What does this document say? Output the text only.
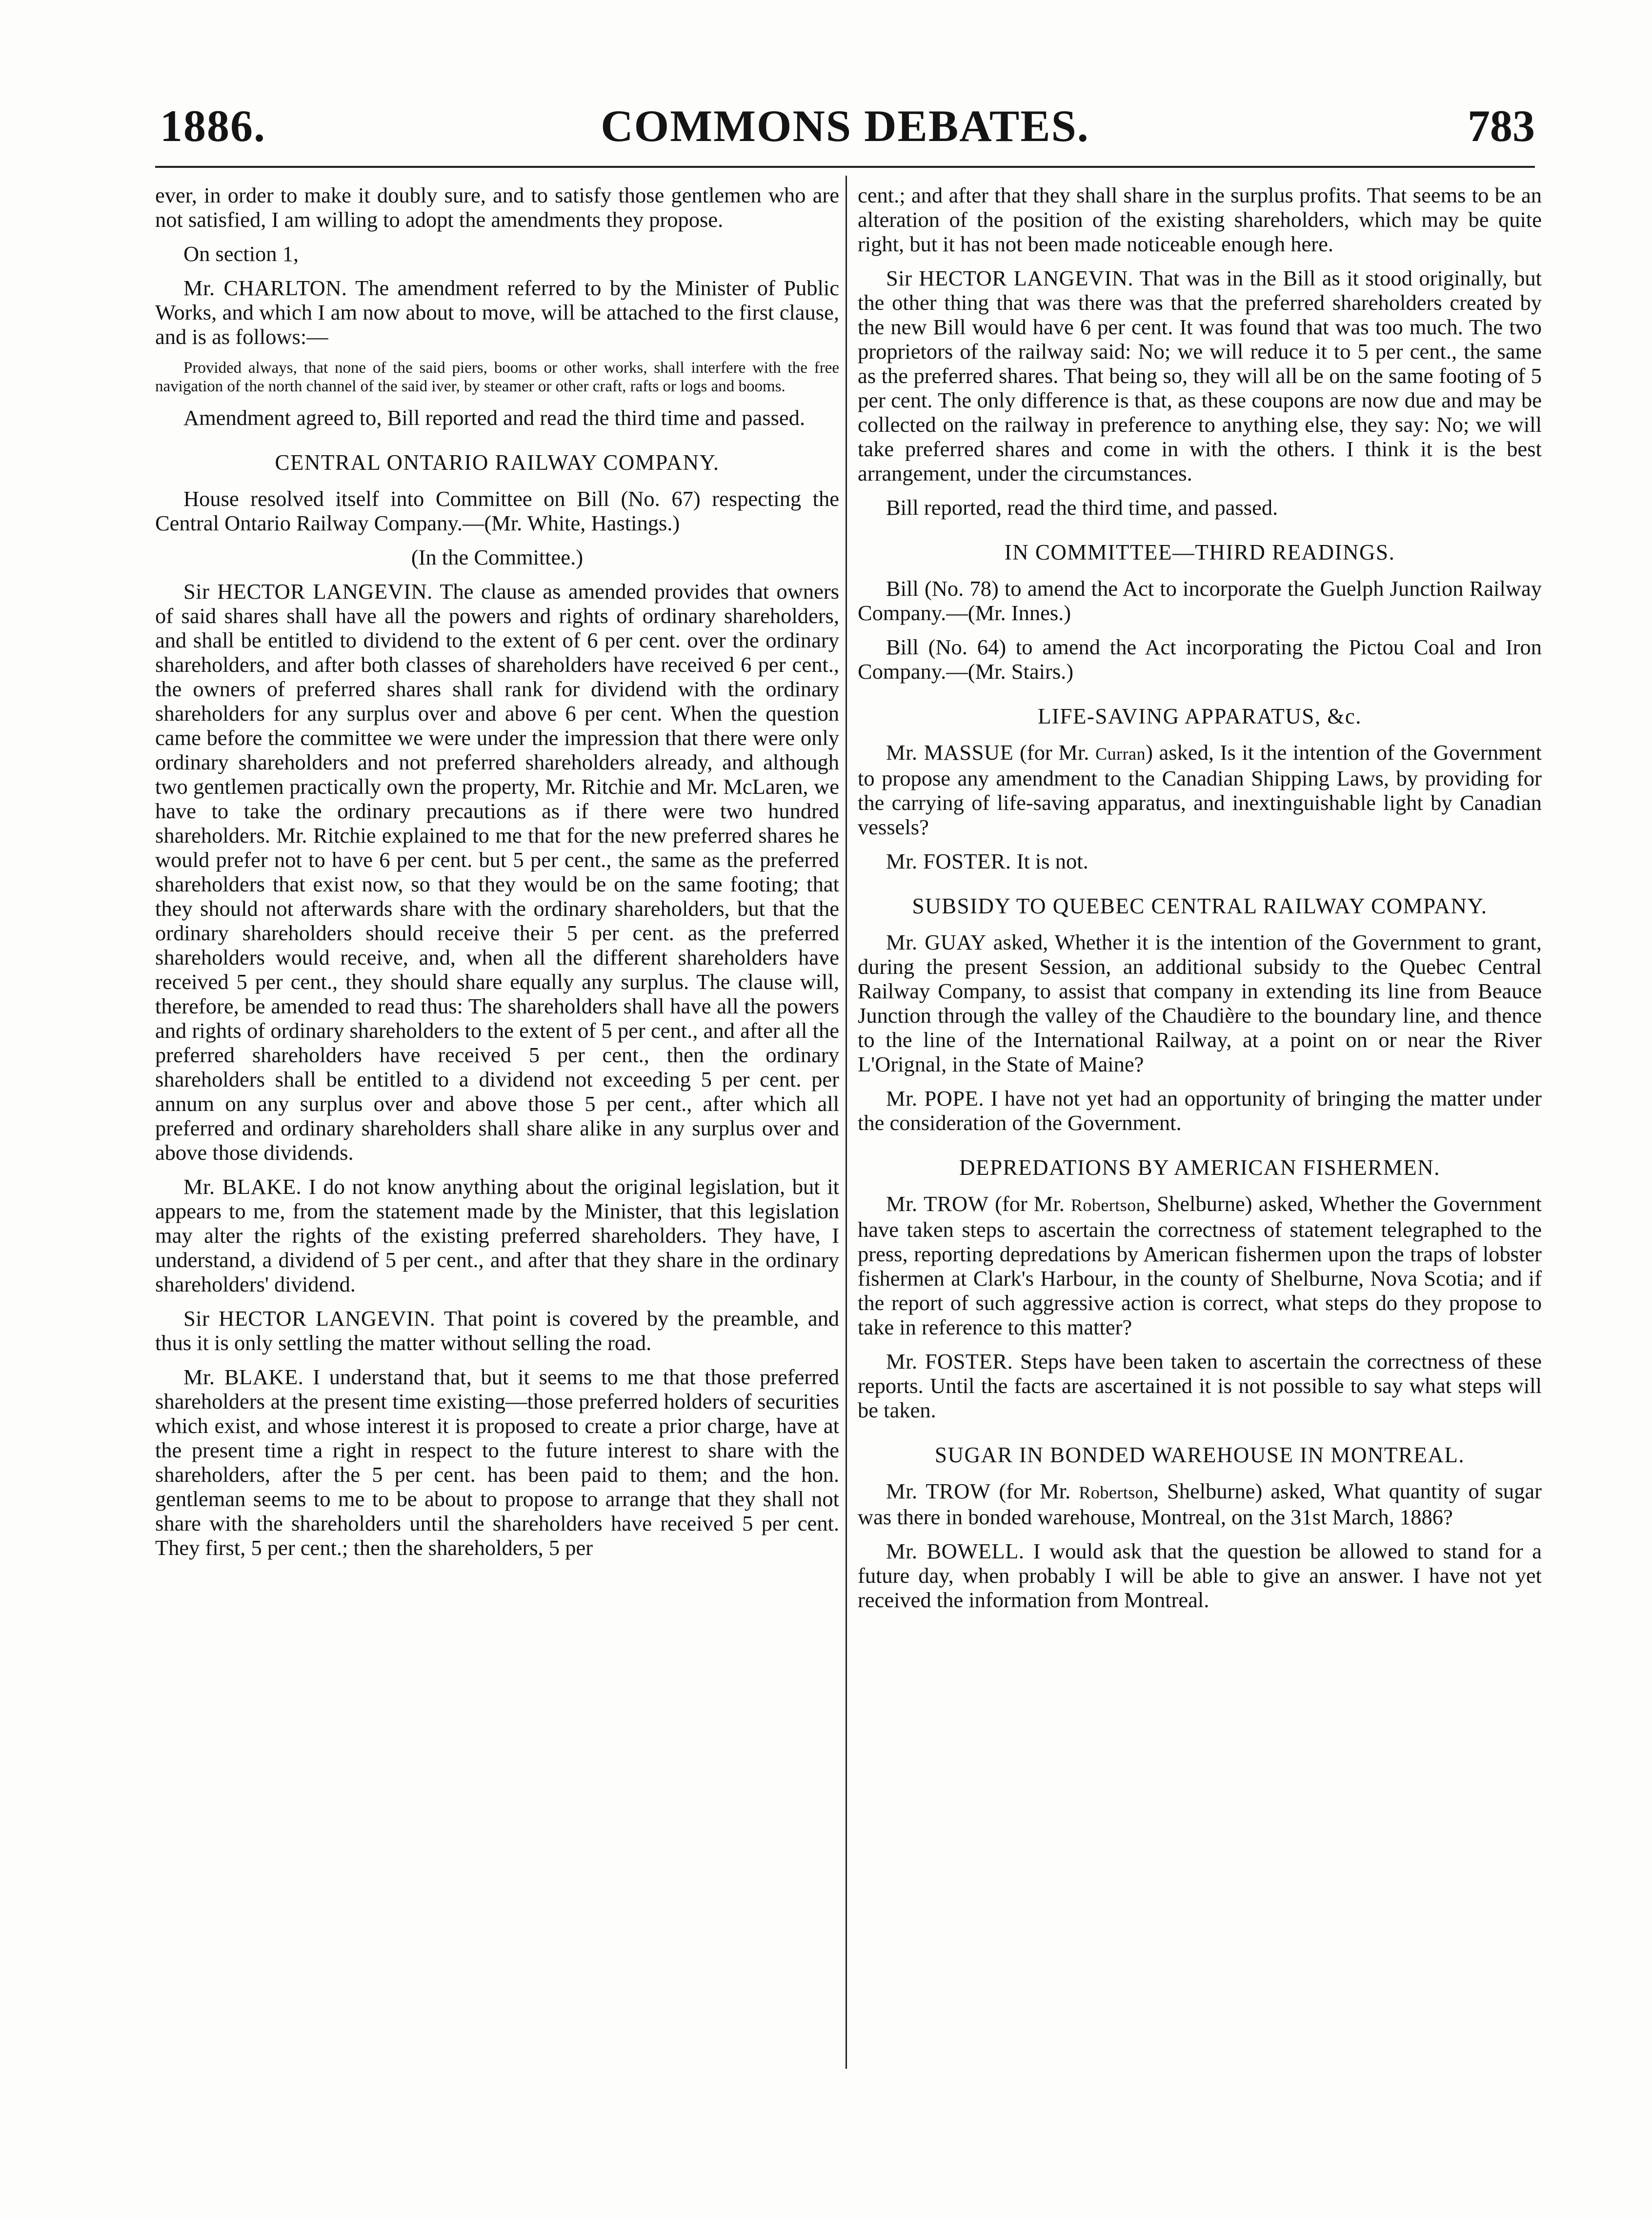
1886.	COMMONS DEBATES.	783

ever, in order to make it doubly sure, and to satisfy those gentlemen who are not satisfied, I am willing to adopt the amendments they propose.

On section 1,

Mr. CHARLTON. The amendment referred to by the Minister of Public Works, and which I am now about to move, will be attached to the first clause, and is as follows:—

Provided always, that none of the said piers, booms or other works, shall interfere with the free navigation of the north channel of the said iver, by steamer or other craft, rafts or logs and booms.

Amendment agreed to, Bill reported and read the third time and passed.

CENTRAL ONTARIO RAILWAY COMPANY.

House resolved itself into Committee on Bill (No. 67) respecting the Central Ontario Railway Company.—(Mr. White, Hastings.)

(In the Committee.)

Sir HECTOR LANGEVIN. The clause as amended provides that owners of said shares shall have all the powers and rights of ordinary shareholders, and shall be entitled to dividend to the extent of 6 per cent. over the ordinary shareholders, and after both classes of shareholders have received 6 per cent., the owners of preferred shares shall rank for dividend with the ordinary shareholders for any surplus over and above 6 per cent. When the question came before the committee we were under the impression that there were only ordinary shareholders and not preferred shareholders already, and although two gentlemen practically own the property, Mr. Ritchie and Mr. McLaren, we have to take the ordinary precautions as if there were two hundred shareholders. Mr. Ritchie explained to me that for the new preferred shares he would prefer not to have 6 per cent. but 5 per cent., the same as the preferred shareholders that exist now, so that they would be on the same footing; that they should not afterwards share with the ordinary shareholders, but that the ordinary shareholders should receive their 5 per cent. as the preferred shareholders would receive, and, when all the different shareholders have received 5 per cent., they should share equally any surplus. The clause will, therefore, be amended to read thus: The shareholders shall have all the powers and rights of ordinary shareholders to the extent of 5 per cent., and after all the preferred shareholders have received 5 per cent., then the ordinary shareholders shall be entitled to a dividend not exceeding 5 per cent. per annum on any surplus over and above those 5 per cent., after which all preferred and ordinary shareholders shall share alike in any surplus over and above those dividends.

Mr. BLAKE. I do not know anything about the original legislation, but it appears to me, from the statement made by the Minister, that this legislation may alter the rights of the existing preferred shareholders. They have, I understand, a dividend of 5 per cent., and after that they share in the ordinary shareholders' dividend.

Sir HECTOR LANGEVIN. That point is covered by the preamble, and thus it is only settling the matter without selling the road.

Mr. BLAKE. I understand that, but it seems to me that those preferred shareholders at the present time existing—those preferred holders of securities which exist, and whose interest it is proposed to create a prior charge, have at the present time a right in respect to the future interest to share with the shareholders, after the 5 per cent. has been paid to them; and the hon. gentleman seems to me to be about to propose to arrange that they shall not share with the shareholders until the shareholders have received 5 per cent. They first, 5 per cent.; then the shareholders, 5 per

cent.; and after that they shall share in the surplus profits. That seems to be an alteration of the position of the existing shareholders, which may be quite right, but it has not been made noticeable enough here.

Sir HECTOR LANGEVIN. That was in the Bill as it stood originally, but the other thing that was there was that the preferred shareholders created by the new Bill would have 6 per cent. It was found that was too much. The two proprietors of the railway said: No; we will reduce it to 5 per cent., the same as the preferred shares. That being so, they will all be on the same footing of 5 per cent. The only difference is that, as these coupons are now due and may be collected on the railway in preference to anything else, they say: No; we will take preferred shares and come in with the others. I think it is the best arrangement, under the circumstances.

Bill reported, read the third time, and passed.

IN COMMITTEE—THIRD READINGS.

Bill (No. 78) to amend the Act to incorporate the Guelph Junction Railway Company.—(Mr. Innes.)

Bill (No. 64) to amend the Act incorporating the Pictou Coal and Iron Company.—(Mr. Stairs.)

LIFE-SAVING APPARATUS, &c.

Mr. MASSUE (for Mr. Curran) asked, Is it the intention of the Government to propose any amendment to the Canadian Shipping Laws, by providing for the carrying of life-saving apparatus, and inextinguishable light by Canadian vessels?

Mr. FOSTER. It is not.

SUBSIDY TO QUEBEC CENTRAL RAILWAY COMPANY.

Mr. GUAY asked, Whether it is the intention of the Government to grant, during the present Session, an additional subsidy to the Quebec Central Railway Company, to assist that company in extending its line from Beauce Junction through the valley of the Chaudière to the boundary line, and thence to the line of the International Railway, at a point on or near the River L'Orignal, in the State of Maine?

Mr. POPE. I have not yet had an opportunity of bringing the matter under the consideration of the Government.

DEPREDATIONS BY AMERICAN FISHERMEN.

Mr. TROW (for Mr. Robertson, Shelburne) asked, Whether the Government have taken steps to ascertain the correctness of statement telegraphed to the press, reporting depredations by American fishermen upon the traps of lobster fishermen at Clark's Harbour, in the county of Shelburne, Nova Scotia; and if the report of such aggressive action is correct, what steps do they propose to take in reference to this matter?

Mr. FOSTER. Steps have been taken to ascertain the correctness of these reports. Until the facts are ascertained it is not possible to say what steps will be taken.

SUGAR IN BONDED WAREHOUSE IN MONTREAL.

Mr. TROW (for Mr. Robertson, Shelburne) asked, What quantity of sugar was there in bonded warehouse, Montreal, on the 31st March, 1886?

Mr. BOWELL. I would ask that the question be allowed to stand for a future day, when probably I will be able to give an answer. I have not yet received the information from Montreal.
